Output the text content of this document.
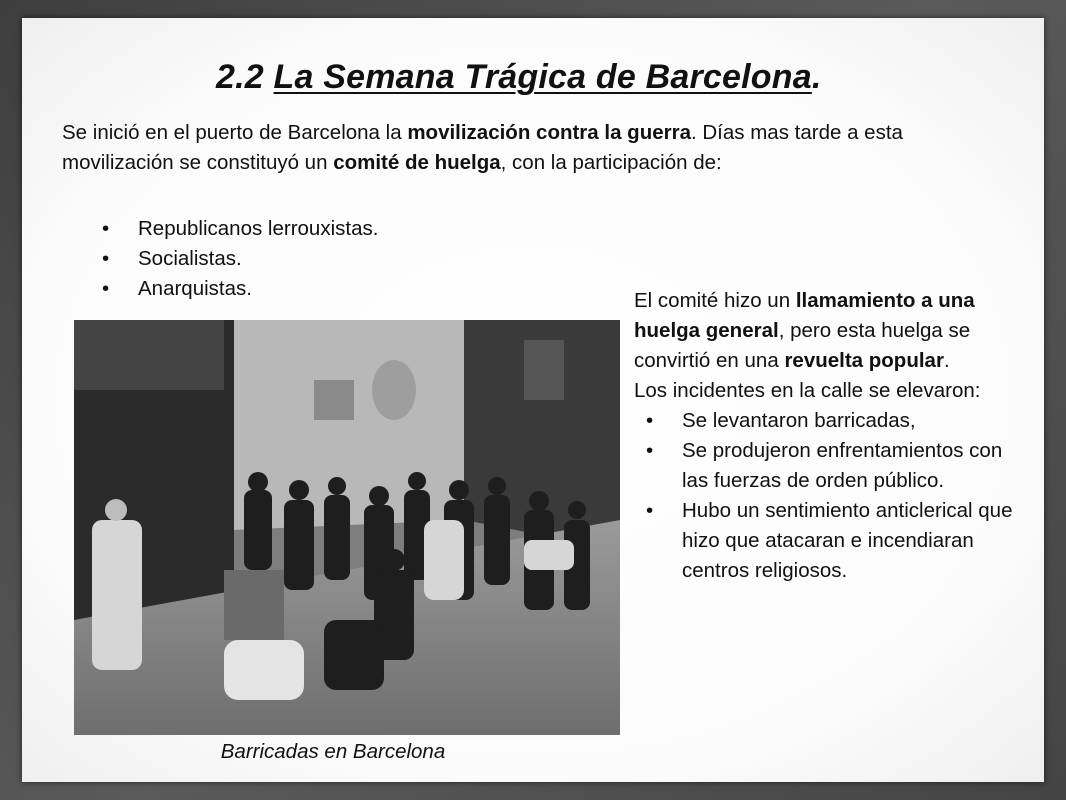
2.2 La Semana Trágica de Barcelona.
Se inició en el puerto de Barcelona la movilización contra la guerra. Días mas tarde a esta movilización se constituyó un comité de huelga, con la participación de:
• Republicanos lerrouxistas.
• Socialistas.
• Anarquistas.

El comité hizo un llamamiento a una huelga general, pero esta huelga se convirtió en una revuelta popular.

Los incidentes en la calle se elevaron:

• Se levantaron barricadas,
• Se produjeron enfrentamientos con las fuerzas de orden público.
• Hubo un sentimiento anticlerical que hizo que atacaran e incendiaran centros religiosos.
Barricadas en Barcelona
